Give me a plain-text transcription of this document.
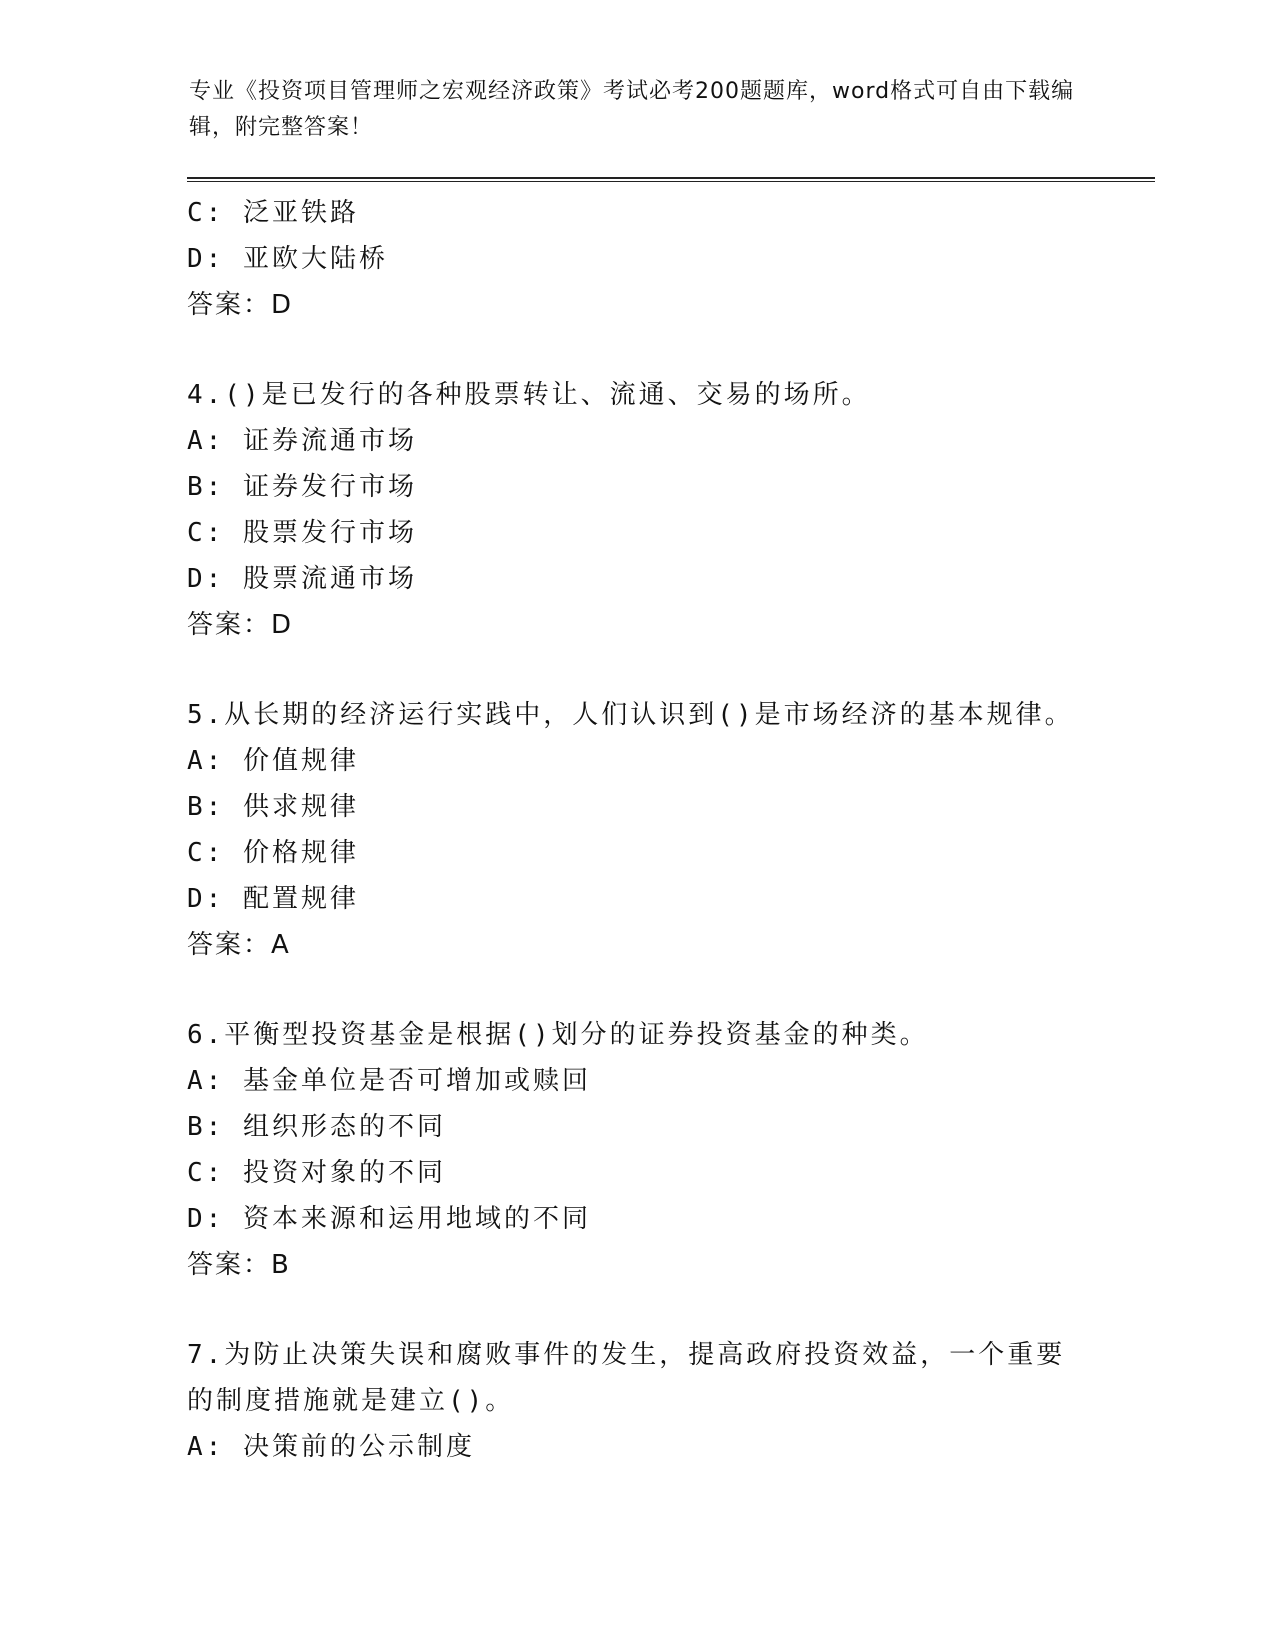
专业《投资项目管理师之宏观经济政策》考试必考200题题库，word格式可自由下载编辑，附完整答案！
C: 泛亚铁路
D: 亚欧大陆桥
答案：D
4.()是已发行的各种股票转让、流通、交易的场所。
A: 证券流通市场
B: 证券发行市场
C: 股票发行市场
D: 股票流通市场
答案：D
5.从长期的经济运行实践中，人们认识到()是市场经济的基本规律。
A: 价值规律
B: 供求规律
C: 价格规律
D: 配置规律
答案：A
6.平衡型投资基金是根据()划分的证券投资基金的种类。
A: 基金单位是否可增加或赎回
B: 组织形态的不同
C: 投资对象的不同
D: 资本来源和运用地域的不同
答案：B
7.为防止决策失误和腐败事件的发生，提高政府投资效益，一个重要的制度措施就是建立()。
A: 决策前的公示制度
